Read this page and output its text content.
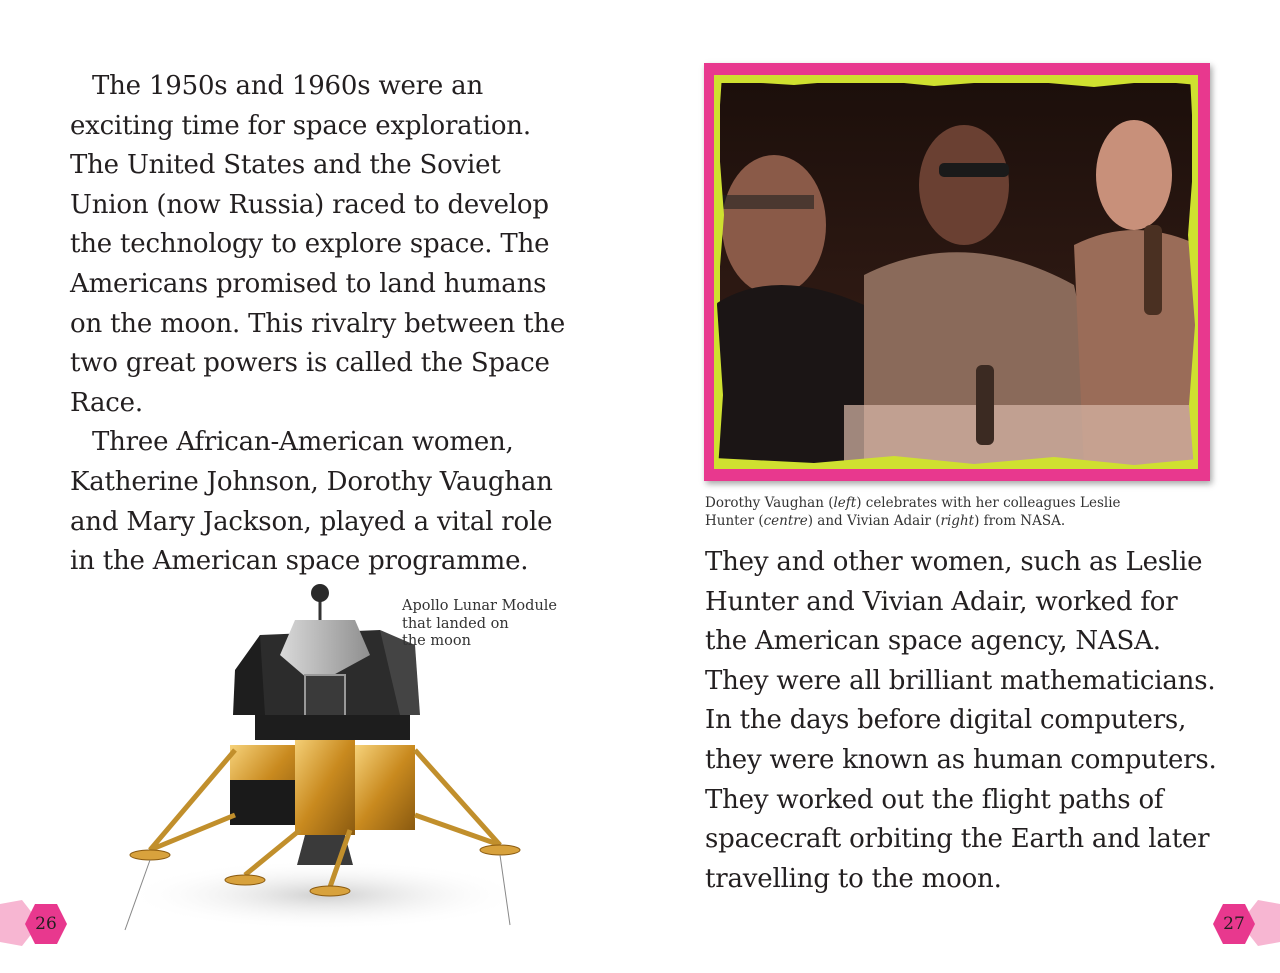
The 1950s and 1960s were an exciting time for space exploration. The United States and the Soviet Union (now Russia) raced to develop the technology to explore space. The Americans promised to land humans on the moon. This rivalry between the two great powers is called the Space Race.

Three African-American women, Katherine Johnson, Dorothy Vaughan and Mary Jackson, played a vital role in the American space programme.

Apollo Lunar Module
that landed on
the moon
26
Dorothy Vaughan (left) celebrates with her colleagues Leslie
Hunter (centre) and Vivian Adair (right) from NASA.

They and other women, such as Leslie Hunter and Vivian Adair, worked for the American space agency, NASA. They were all brilliant mathematicians. In the days before digital computers, they were known as human computers. They worked out the flight paths of spacecraft orbiting the Earth and later travelling to the moon.

27
